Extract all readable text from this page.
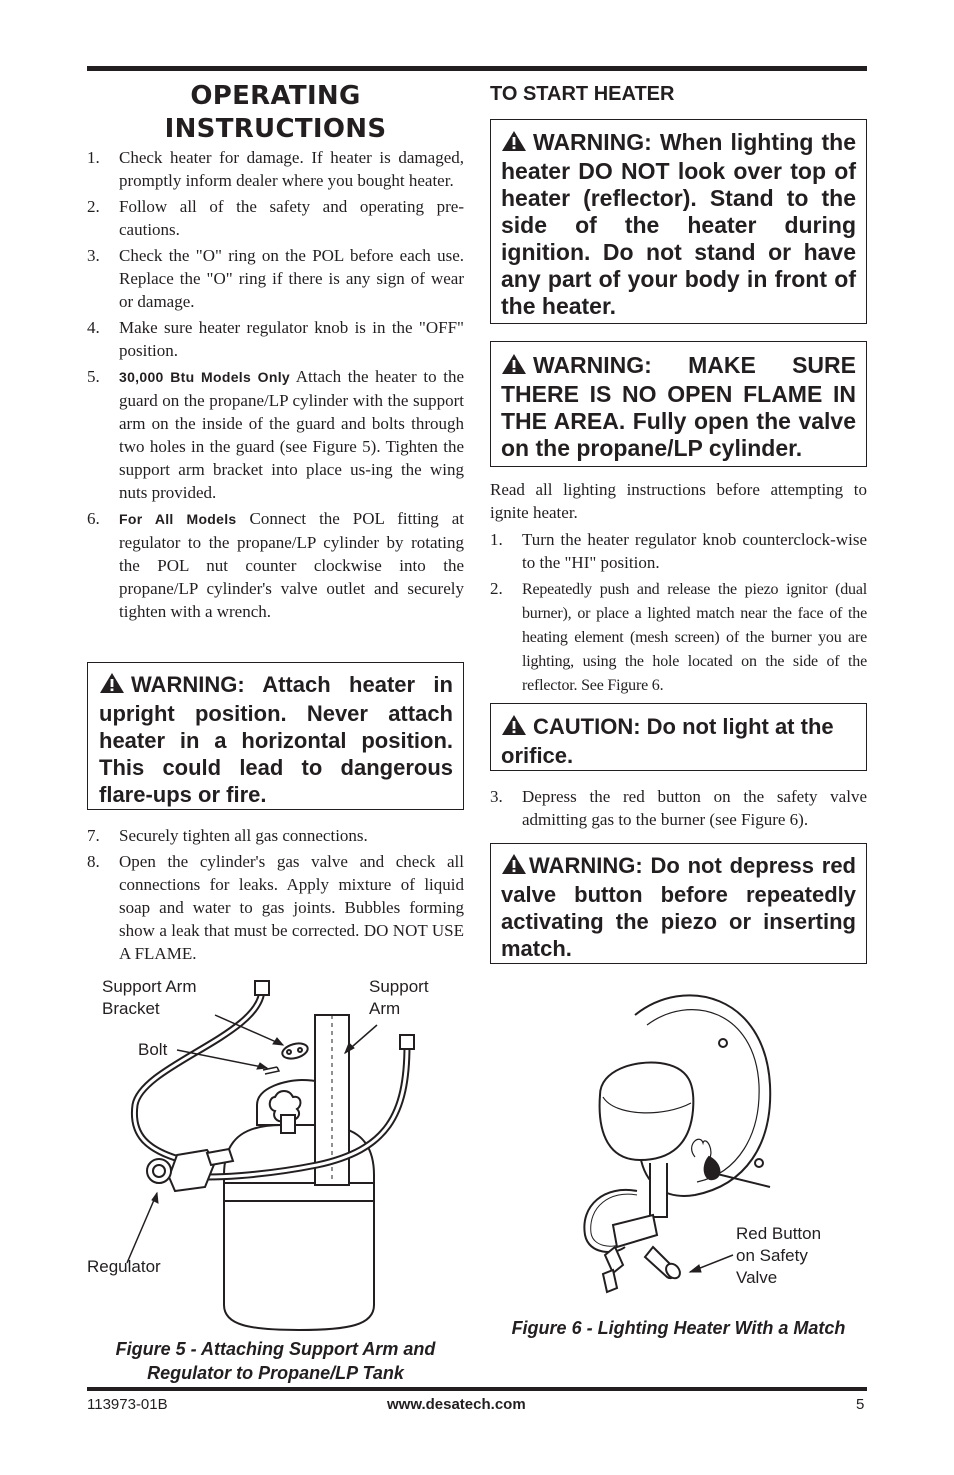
OPERATING
INSTRUCTIONS
1. Check heater for damage. If heater is damaged, promptly inform dealer where you bought heater.
2. Follow all of the safety and operating pre-cautions.
3. Check the "O" ring on the POL before each use. Replace the "O" ring if there is any sign of wear or damage.
4. Make sure heater regulator knob is in the "OFF" position.
5. 30,000 Btu Models Only Attach the heater to the guard on the propane/LP cylinder with the support arm on the inside of the guard and bolts through two holes in the guard (see Figure 5). Tighten the support arm bracket into place us-ing the wing nuts provided.
6. For All Models Connect the POL fitting at regulator to the propane/LP cylinder by rotating the POL nut counter clockwise into the propane/LP cylinder's valve outlet and securely tighten with a wrench.

WARNING: Attach heater in upright position. Never attach heater in a horizontal position. This could lead to dangerous flare-ups or fire.

7. Securely tighten all gas connections.
8. Open the cylinder's gas valve and check all connections for leaks. Apply mixture of liquid soap and water to gas joints. Bubbles forming show a leak that must be corrected. DO NOT USE A FLAME.
Support Arm
Bracket
Support
Arm
Bolt
Regulator
Figure 5 - Attaching Support Arm and
Regulator to Propane/LP Tank
TO START HEATER

WARNING: When lighting the heater DO NOT look over top of heater (reflector). Stand to the side of the heater during ignition. Do not stand or have any part of your body in front of the heater.

WARNING: MAKE SURE THERE IS NO OPEN FLAME IN THE AREA. Fully open the valve on the propane/LP cylinder.

Read all lighting instructions before attempting to ignite heater.
1. Turn the heater regulator knob counterclock-wise to the "HI" position.
2. Repeatedly push and release the piezo ignitor (dual burner), or place a lighted match near the face of the heating element (mesh screen) of the burner you are lighting, using the hole located on the side of the reflector. See Figure 6.

CAUTION: Do not light at the orifice.

3. Depress the red button on the safety valve admitting gas to the burner (see Figure 6).

WARNING: Do not depress red valve button before repeatedly activating the piezo or inserting match.

Red Button
on Safety
Valve
Figure 6 - Lighting Heater With a Match
113973-01B	www.desatech.com	5
